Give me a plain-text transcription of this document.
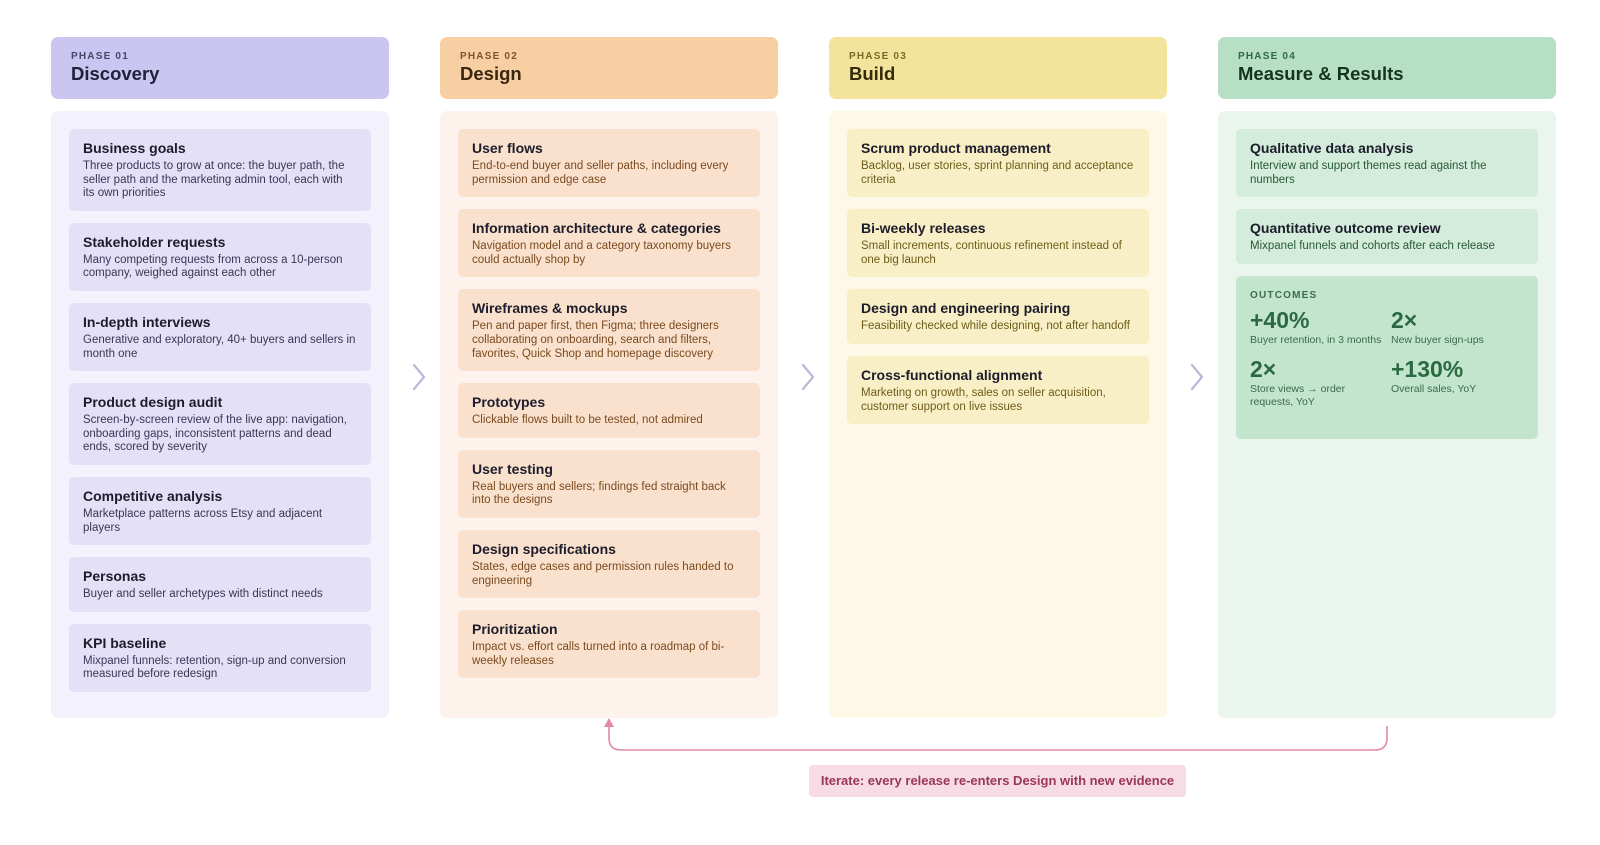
PHASE 01
Discovery
Business goals
Three products to grow at once: the buyer path, the seller path and the marketing admin tool, each with its own priorities
Stakeholder requests
Many competing requests from across a 10-person company, weighed against each other
In-depth interviews
Generative and exploratory, 40+ buyers and sellers in month one
Product design audit
Screen-by-screen review of the live app: navigation, onboarding gaps, inconsistent patterns and dead ends, scored by severity
Competitive analysis
Marketplace patterns across Etsy and adjacent players
Personas
Buyer and seller archetypes with distinct needs
KPI baseline
Mixpanel funnels: retention, sign-up and conversion measured before redesign
PHASE 02
Design
User flows
End-to-end buyer and seller paths, including every permission and edge case
Information architecture & categories
Navigation model and a category taxonomy buyers could actually shop by
Wireframes & mockups
Pen and paper first, then Figma; three designers collaborating on onboarding, search and filters, favorites, Quick Shop and homepage discovery
Prototypes
Clickable flows built to be tested, not admired
User testing
Real buyers and sellers; findings fed straight back into the designs
Design specifications
States, edge cases and permission rules handed to engineering
Prioritization
Impact vs. effort calls turned into a roadmap of bi-weekly releases
PHASE 03
Build
Scrum product management
Backlog, user stories, sprint planning and acceptance criteria
Bi-weekly releases
Small increments, continuous refinement instead of one big launch
Design and engineering pairing
Feasibility checked while designing, not after handoff
Cross-functional alignment
Marketing on growth, sales on seller acquisition, customer support on live issues
PHASE 04
Measure & Results
Qualitative data analysis
Interview and support themes read against the numbers
Quantitative outcome review
Mixpanel funnels and cohorts after each release
OUTCOMES
+40%
Buyer retention, in 3 months
2×
New buyer sign-ups
2×
Store views → order requests, YoY
+130%
Overall sales, YoY
Iterate: every release re-enters Design with new evidence
